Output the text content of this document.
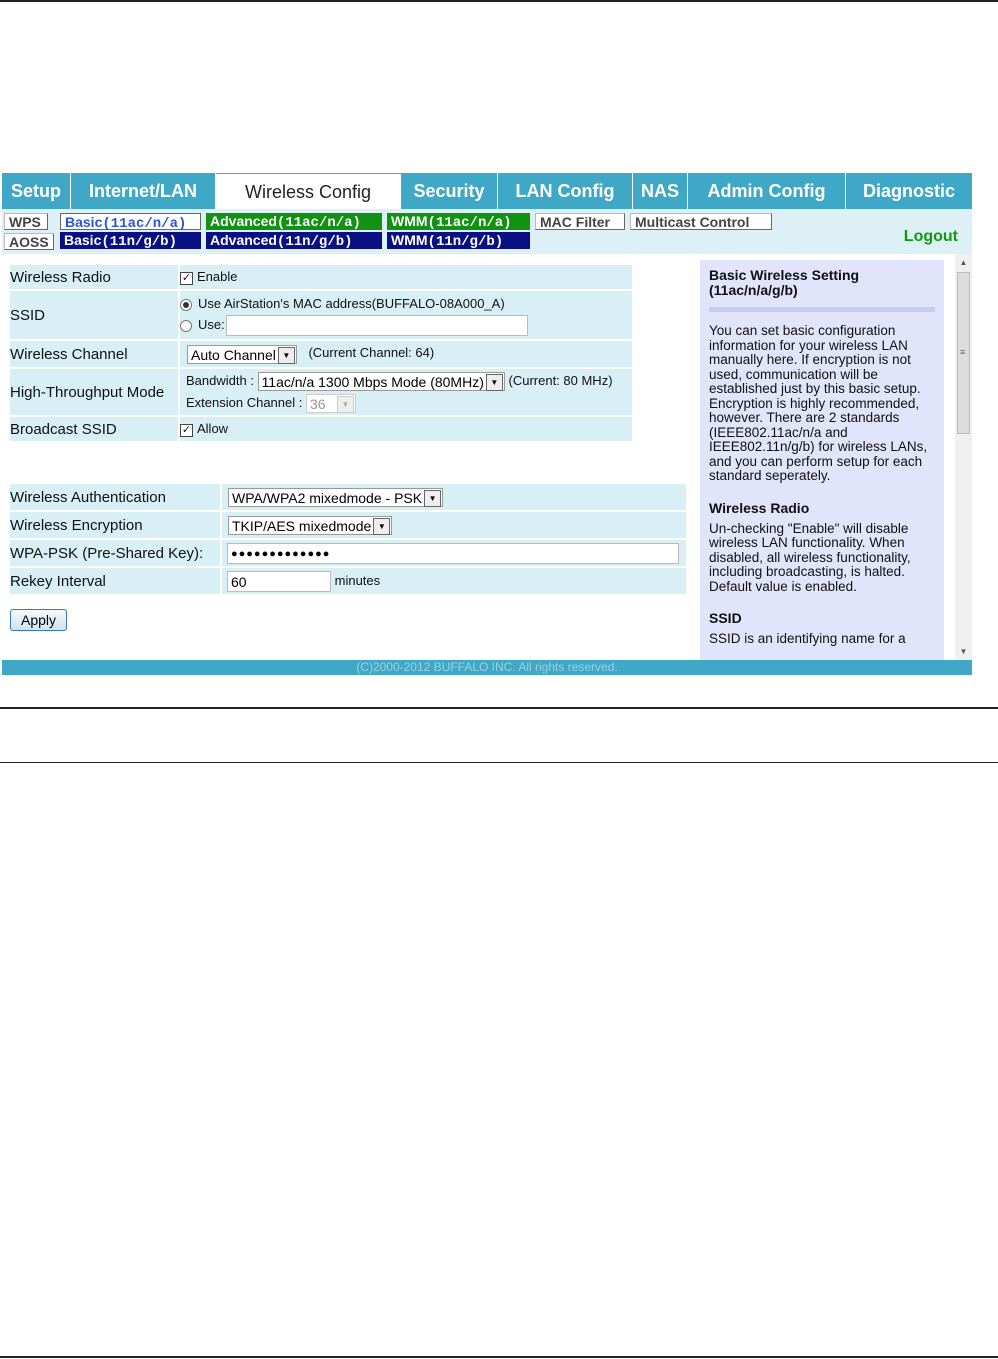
Setup	Internet/LAN	Wireless Config	Security	LAN Config	NAS	Admin Config	Diagnostic
WPS
AOSS
Basic(11ac/n/a)
Basic(11n/g/b)
Advanced(11ac/n/a)
Advanced(11n/g/b)
WMM(11ac/n/a)
WMM(11n/g/b)
MAC Filter	Multicast Control
Logout
Wireless Radio	✓ Enable
SSID	Use AirStation's MAC address(BUFFALO-08A000_A)
Use:

Wireless Channel	Auto Channel ▼ (Current Channel: 64)
High-Throughput Mode	Bandwidth : 11ac/n/a 1300 Mbps Mode (80MHz) ▼ (Current: 80 MHz)
Extension Channel : 36 ▼

Broadcast SSID	✓ Allow
Wireless Authentication	WPA/WPA2 mixedmode - PSK ▼

Wireless Encryption	TKIP/AES mixedmode ▼

WPA-PSK (Pre-Shared Key):	●●●●●●●●●●●●●
Rekey Interval	60 minutes
Apply
Basic Wireless Setting (11ac/n/a/g/b)
You can set basic configuration information for your wireless LAN manually here. If encryption is not used, communication will be established just by this basic setup. Encryption is highly recommended, however. There are 2 standards (IEEE802.11ac/n/a and IEEE802.11n/g/b) for wireless LANs, and you can perform setup for each standard seperately.
Wireless Radio
Un-checking "Enable" will disable wireless LAN functionality. When disabled, all wireless functionality, including broadcasting, is halted. Default value is enabled.
SSID
SSID is an identifying name for a
▲
≡
▼
(C)2000-2012 BUFFALO INC. All rights reserved.
